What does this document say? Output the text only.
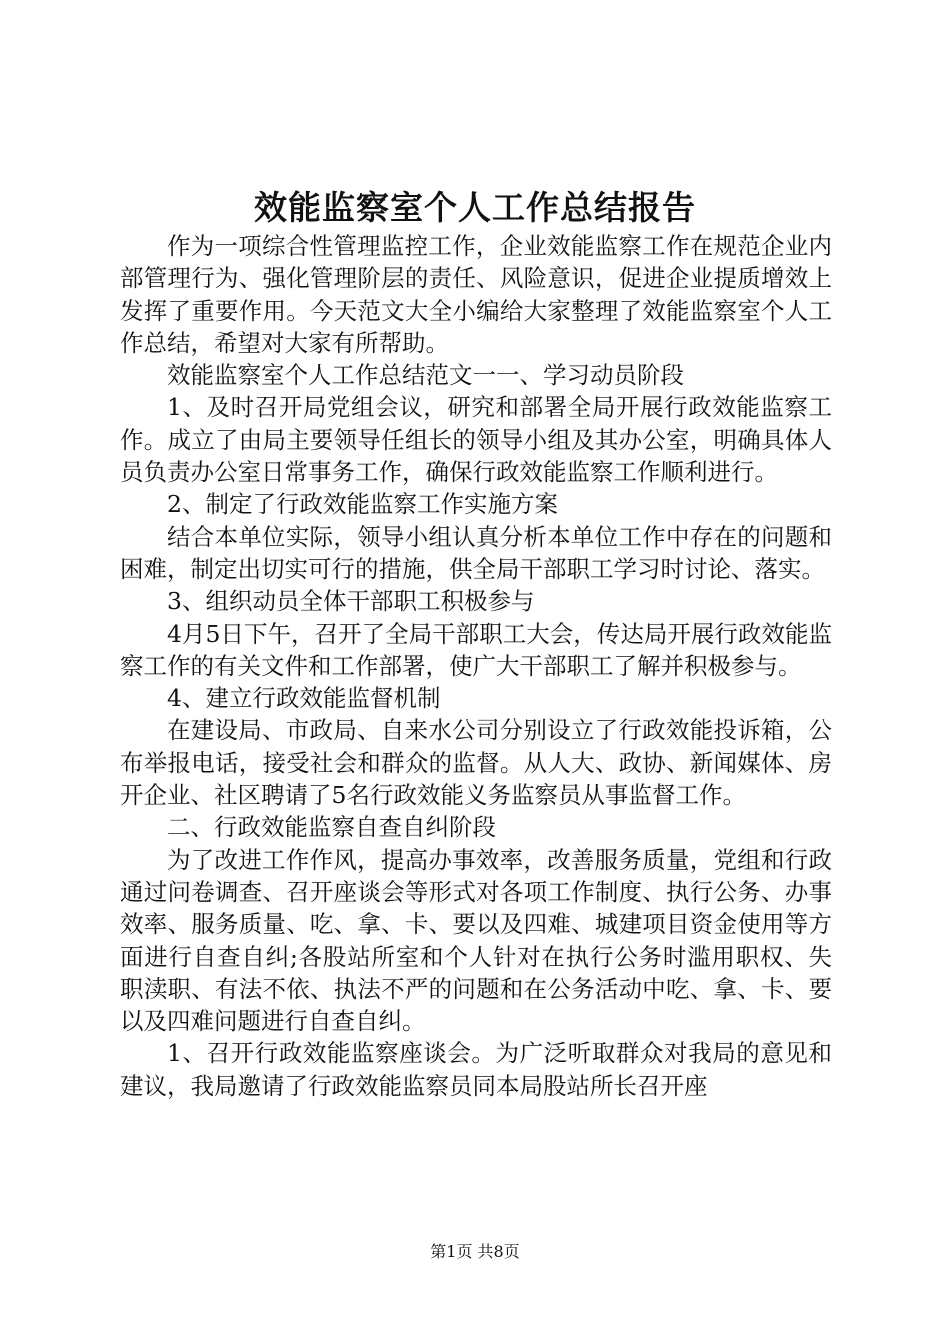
效能监察室个人工作总结报告

作为一项综合性管理监控工作，企业效能监察工作在规范企业内部管理行为、强化管理阶层的责任、风险意识，促进企业提质增效上发挥了重要作用。今天范文大全小编给大家整理了效能监察室个人工作总结，希望对大家有所帮助。

效能监察室个人工作总结范文一一、学习动员阶段

1、及时召开局党组会议，研究和部署全局开展行政效能监察工作。成立了由局主要领导任组长的领导小组及其办公室，明确具体人员负责办公室日常事务工作，确保行政效能监察工作顺利进行。

2、制定了行政效能监察工作实施方案

结合本单位实际，领导小组认真分析本单位工作中存在的问题和困难，制定出切实可行的措施，供全局干部职工学习时讨论、落实。

3、组织动员全体干部职工积极参与

4月5日下午，召开了全局干部职工大会，传达局开展行政效能监察工作的有关文件和工作部署，使广大干部职工了解并积极参与。

4、建立行政效能监督机制

在建设局、市政局、自来水公司分别设立了行政效能投诉箱，公布举报电话，接受社会和群众的监督。从人大、政协、新闻媒体、房开企业、社区聘请了5名行政效能义务监察员从事监督工作。

二、行政效能监察自查自纠阶段

为了改进工作作风，提高办事效率，改善服务质量，党组和行政通过问卷调查、召开座谈会等形式对各项工作制度、执行公务、办事效率、服务质量、吃、拿、卡、要以及四难、城建项目资金使用等方面进行自查自纠;各股站所室和个人针对在执行公务时滥用职权、失职渎职、有法不依、执法不严的问题和在公务活动中吃、拿、卡、要以及四难问题进行自查自纠。

1、召开行政效能监察座谈会。为广泛听取群众对我局的意见和建议，我局邀请了行政效能监察员同本局股站所长召开座

第1页 共8页
